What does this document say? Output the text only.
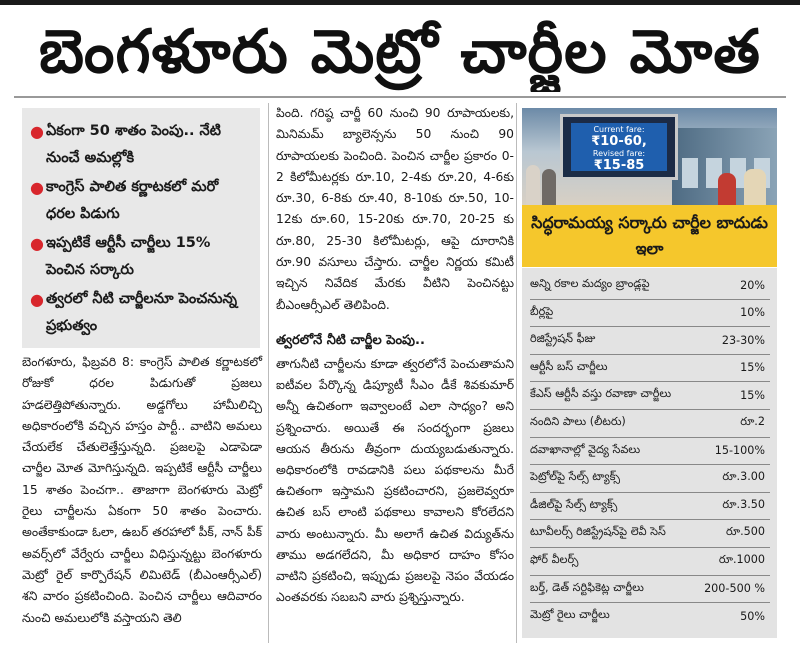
బెంగళూరు మెట్రో చార్జీల మోత
● ఏకంగా 50 శాతం పెంపు.. నేటి నుంచే అమల్లోకి
● కాంగ్రెస్ పాలిత కర్ణాటకలో మరో ధరల పిడుగు
● ఇప్పటికే ఆర్టీసీ చార్జీలు 15% పెంచిన సర్కారు
● త్వరలో నీటి చార్జీలనూ పెంచనున్న ప్రభుత్వం
బెంగళూరు, ఫిబ్రవరి 8: కాంగ్రెస్ పాలిత కర్ణాటకలో రోజుకో ధరల పిడుగుతో ప్రజలు హడలెత్తిపోతున్నారు. అడ్డగోలు హామీలిచ్చి అధికారంలోకి వచ్చిన హస్తం పార్టీ.. వాటిని అమలు చేయలేక చేతులెత్తేస్తున్నది. ప్రజలపై ఎడాపెడా చార్జీల మోత మోగిస్తున్నది. ఇప్పటికే ఆర్టీసీ చార్జీలు 15 శాతం పెంచగా.. తాజాగా బెంగళూరు మెట్రో రైలు చార్జీలను ఏకంగా 50 శాతం పెంచారు. అంతేకాకుండా ఓలా, ఉబర్ తరహాలో పీక్, నాన్ పీక్ అవర్స్‌లో వేర్వేరు చార్జీలు విధిస్తున్నట్టు బెంగళూరు మెట్రో రైల్ కార్పొరేషన్ లిమిటెడ్ (బీఎంఆర్సీఎల్) శని వారం ప్రకటించింది. పెంచిన చార్జీలు ఆదివారం నుంచి అమలులోకి వస్తాయని తెలి
పింది. గరిష్ఠ చార్జీ 60 నుంచి 90 రూపాయలకు, మినిమమ్ బ్యాలెన్సను 50 నుంచి 90 రూపాయలకు పెంచింది. పెంచిన చార్జీల ప్రకారం 0-2 కిలోమీటర్లకు రూ.10, 2-4కు రూ.20, 4-6కు రూ.30, 6-8కు రూ.40, 8-10కు రూ.50, 10-12కు రూ.60, 15-20కు రూ.70, 20-25 కు రూ.80, 25-30 కిలోమీటర్లు, ఆపై దూరానికి రూ.90 వసూలు చేస్తారు. చార్జీల నిర్ణయ కమిటీ ఇచ్చిన నివేదిక మేరకు వీటిని పెంచినట్టు బీఎంఆర్సీఎల్ తెలిపింది.
త్వరలోనే నీటి చార్జీల పెంపు..
తాగునీటి చార్జీలను కూడా త్వరలోనే పెంచుతామని ఐటీవల పేర్కొన్న డిప్యూటీ సీఎం డీకే శివకుమార్ అన్నీ ఉచితంగా ఇవ్వాలంటే ఎలా సాధ్యం? అని ప్రశ్నించారు. అయితే ఈ సందర్భంగా ప్రజలు ఆయన తీరును తీవ్రంగా దుయ్యబడుతున్నారు. అధికారంలోకి రావడానికి పలు పథకాలను మీరే ఉచితంగా ఇస్తామని ప్రకటించారని, ప్రజలెవ్వరూ ఉచిత బస్ లాంటి పథకాలు కావాలని కోరలేదని వారు అంటున్నారు. మీ అలాగే ఉచిత విద్యుత్‌ను తాము అడగలేదని, మీ అధికార దాహం కోసం వాటిని ప్రకటించి, ఇప్పుడు ప్రజలపై నెపం వేయడం ఎంతవరకు సబబని వారు ప్రశ్నిస్తున్నారు.
Current fare:
₹10-60,
Revised fare:
₹15-85
సిద్ధరామయ్య సర్కారు చార్జీల బాదుడు ఇలా
అన్ని రకాల మద్యం బ్రాండ్లపై	20%
బీర్లపై	10%
రిజిస్ట్రేషన్ ఫీజు	23-30%
ఆర్టీసీ బస్ చార్జీలు	15%
కేఎస్ ఆర్టీసీ వస్తు రవాణా చార్జీలు	15%
నందిని పాలు (లీటరు)	రూ.2
దవాఖానాల్లో వైద్య సేవలు	15-100%
పెట్రోల్‌పై సేల్స్ ట్యాక్స్	రూ.3.00
డీజిల్‌పై సేల్స్ ట్యాక్స్	రూ.3.50
టూవీలర్స్ రిజిస్ట్రేషన్‌పై లెవీ సెస్	రూ.500
ఫోర్ వీలర్స్	రూ.1000
బర్త్, డెత్ సర్టిఫికెట్ల చార్జీలు	200-500 %
మెట్రో రైలు చార్జీలు	50%
